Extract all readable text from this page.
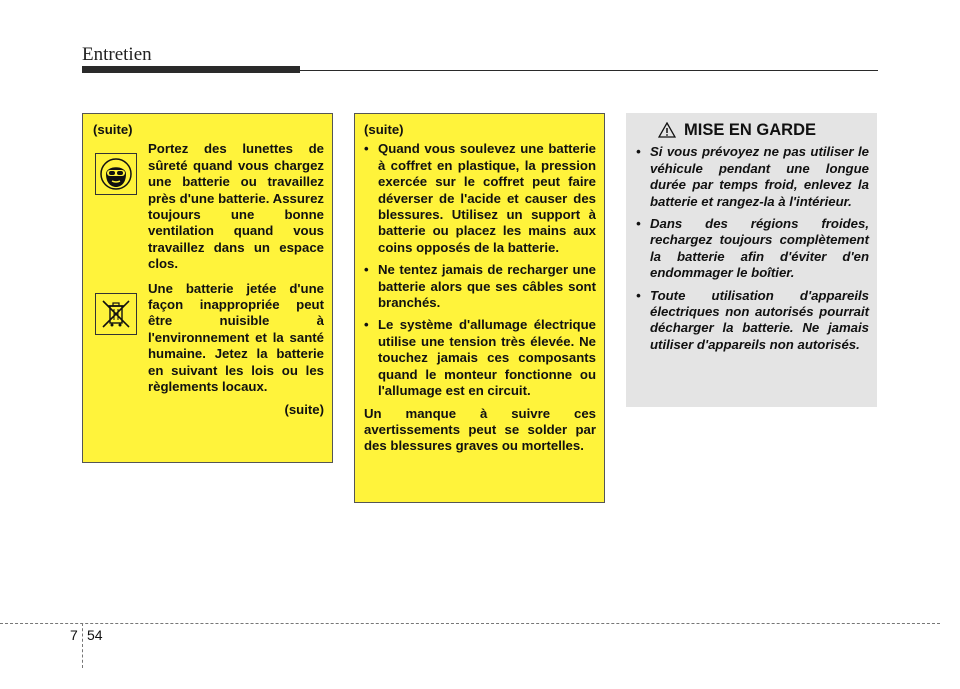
Entretien
(suite)
Portez des lunettes de sûreté quand vous chargez une batterie ou travaillez près d'une batterie. Assurez toujours une bonne ventilation quand vous travaillez dans un espace clos.
Une batterie jetée d'une façon inappropriée peut être nuisible à l'environnement et la santé humaine. Jetez la batterie en suivant les lois ou les règlements locaux.
(suite)
(suite)
• Quand vous soulevez une batterie à coffret en plastique, la pression exercée sur le coffret peut faire déverser de l'acide et causer des blessures. Utilisez un support à batterie ou placez les mains aux coins opposés de la batterie.
• Ne tentez jamais de recharger une batterie alors que ses câbles sont branchés.
• Le système d'allumage électrique utilise une tension très élevée. Ne touchez jamais ces composants quand le monteur fonctionne ou l'allumage est en circuit.
Un manque à suivre ces avertissements peut se solder par des blessures graves ou mortelles.
MISE EN GARDE
• Si vous prévoyez ne pas utiliser le véhicule pendant une longue durée par temps froid, enlevez la batterie et rangez-la à l'intérieur.
• Dans des régions froides, rechargez toujours complètement la batterie afin d'éviter d'en endommager le boîtier.
• Toute utilisation d'appareils électriques non autorisés pourrait décharger la batterie. Ne jamais utiliser d'appareils non autorisés.
7 54
